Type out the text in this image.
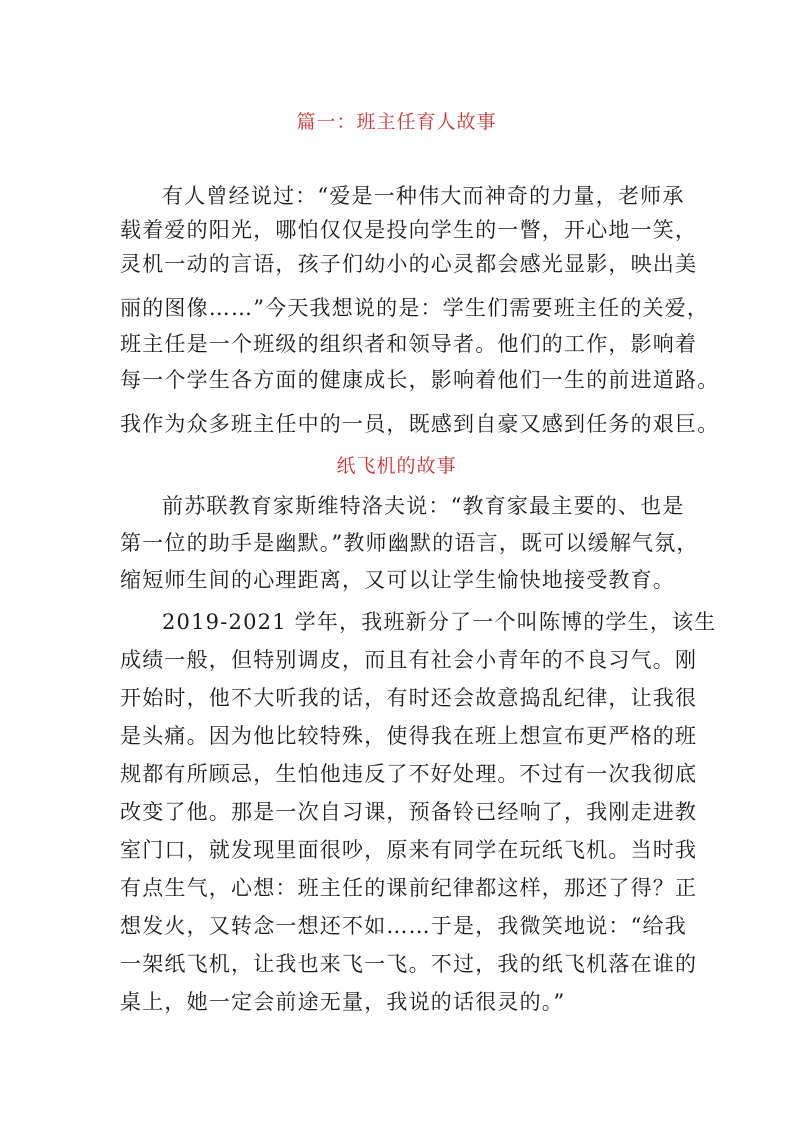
篇一：班主任育人故事
有人曾经说过：“爱是一种伟大而神奇的力量，老师承
载着爱的阳光，哪怕仅仅是投向学生的一瞥，开心地一笑，
灵机一动的言语，孩子们幼小的心灵都会感光显影，映出美
丽的图像……”今天我想说的是：学生们需要班主任的关爱，
班主任是一个班级的组织者和领导者。他们的工作，影响着
每一个学生各方面的健康成长，影响着他们一生的前进道路。
我作为众多班主任中的一员，既感到自豪又感到任务的艰巨。
纸飞机的故事
前苏联教育家斯维特洛夫说：“教育家最主要的、也是
第一位的助手是幽默。”教师幽默的语言，既可以缓解气氛，
缩短师生间的心理距离，又可以让学生愉快地接受教育。
2019-2021 学年，我班新分了一个叫陈博的学生，该生
成绩一般，但特别调皮，而且有社会小青年的不良习气。刚
开始时，他不大听我的话，有时还会故意捣乱纪律，让我很
是头痛。因为他比较特殊，使得我在班上想宣布更严格的班
规都有所顾忌，生怕他违反了不好处理。不过有一次我彻底
改变了他。那是一次自习课，预备铃已经响了，我刚走进教
室门口，就发现里面很吵，原来有同学在玩纸飞机。当时我
有点生气，心想：班主任的课前纪律都这样，那还了得？正
想发火，又转念一想还不如……于是，我微笑地说：“给我
一架纸飞机，让我也来飞一飞。不过，我的纸飞机落在谁的
桌上，她一定会前途无量，我说的话很灵的。”
